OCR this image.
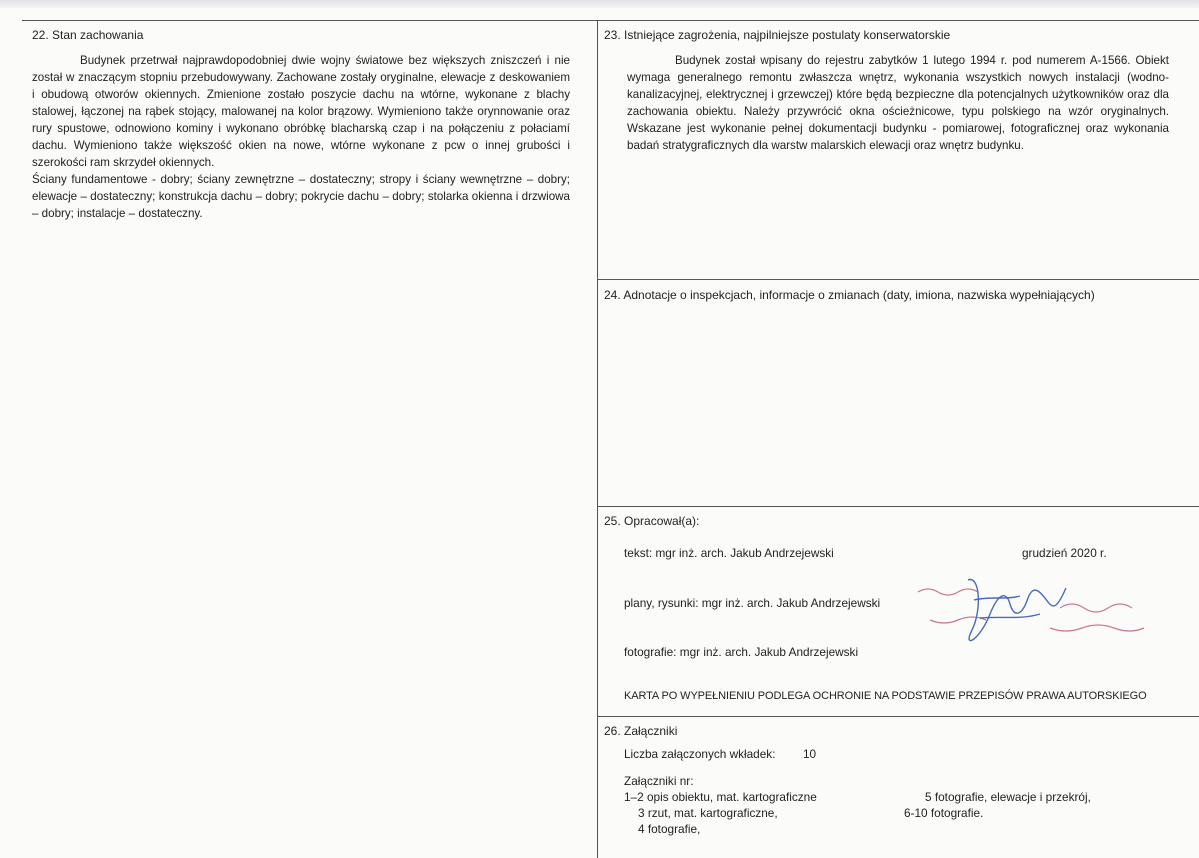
22. Stan zachowania

Budynek przetrwał najprawdopodobniej dwie wojny światowe bez większych zniszczeń i nie został w znaczącym stopniu przebudowywany. Zachowane zostały oryginalne, elewacje z deskowaniem i obudową otworów okiennych. Zmienione zostało poszycie dachu na wtórne, wykonane z blachy stalowej, łączonej na rąbek stojący, malowanej na kolor brązowy. Wymieniono także orynnowanie oraz rury spustowe, odnowiono kominy i wykonano obróbkę blacharską czap i na połączeniu z połaciamí dachu. Wymieniono także większość okien na nowe, wtórne wykonane z pcw o innej grubości i szerokości ram skrzydeł okiennych.

Ściany fundamentowe - dobry; ściany zewnętrzne – dostateczny; stropy i ściany wewnętrzne – dobry; elewacje – dostateczny; konstrukcja dachu – dobry; pokrycie dachu – dobry; stolarka okienna i drzwiowa – dobry; instalacje – dostateczny.

23. Istniejące zagrożenia, najpilniejsze postulaty konserwatorskie

Budynek został wpisany do rejestru zabytków 1 lutego 1994 r. pod numerem A-1566. Obiekt wymaga generalnego remontu zwłaszcza wnętrz, wykonania wszystkich nowych instalacji (wodno-kanalizacyjnej, elektrycznej i grzewczej) które będą bezpieczne dla potencjalnych użytkowników oraz dla zachowania obiektu. Należy przywrócić okna ościeżnicowe, typu polskiego na wzór oryginalnych. Wskazane jest wykonanie pełnej dokumentacji budynku - pomiarowej, fotograficznej oraz wykonania badań stratygraficznych dla warstw malarskich elewacji oraz wnętrz budynku.

24. Adnotacje o inspekcjach, informacje o zmianach (daty, imiona, nazwiska wypełniających)
25. Opracował(a):
tekst: mgr inż. arch. Jakub Andrzejewski	grudzień 2020 r.
plany, rysunki: mgr inż. arch. Jakub Andrzejewski
fotografie: mgr inż. arch. Jakub Andrzejewski
KARTA PO WYPEŁNIENIU PODLEGA OCHRONIE NA PODSTAWIE PRZEPISÓW PRAWA AUTORSKIEGO
26. Załączniki
Liczba załączonych wkładek: 10
Załączniki nr:
1–2 opis obiektu, mat. kartograficzne
3 rzut, mat. kartograficzne,
4 fotografie,
5 fotografie, elewacje i przekrój,
6-10 fotografie.
